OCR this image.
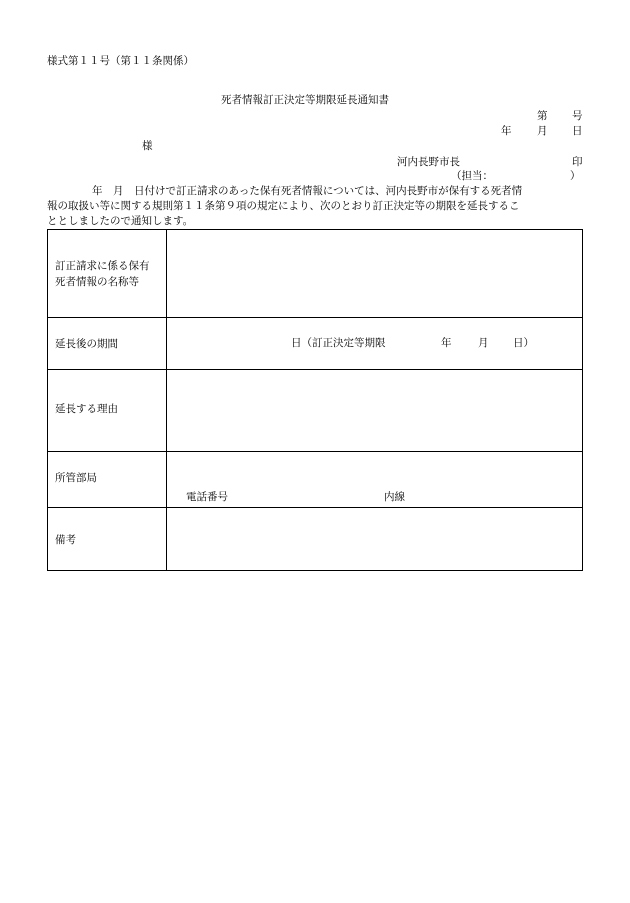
様式第１１号（第１１条関係）
死者情報訂正決定等期限延長通知書
第 号
年 月 日
様
河内長野市長	印
（担当：	）
年　月　日付けで訂正請求のあった保有死者情報については、河内長野市が保有する死者情
報の取扱い等に関する規則第１１条第９項の規定により、次のとおり訂正決定等の期限を延長するこ
ととしましたので通知します。
訂正請求に係る保有
死者情報の名称等	

延長後の期間	日（訂正決定等期限 年 月 日）

延長する理由	

所管部局	電話番号 内線

備考	
